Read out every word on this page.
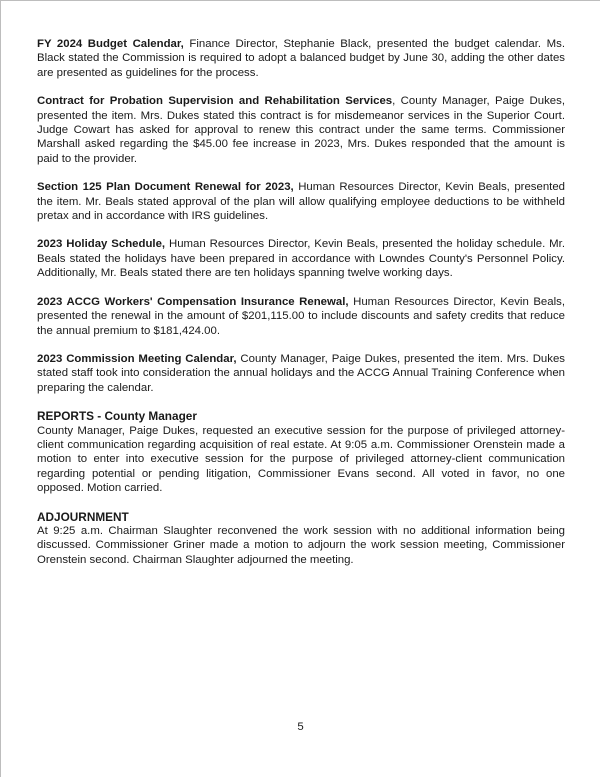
FY 2024 Budget Calendar, Finance Director, Stephanie Black, presented the budget calendar. Ms. Black stated the Commission is required to adopt a balanced budget by June 30, adding the other dates are presented as guidelines for the process.

Contract for Probation Supervision and Rehabilitation Services, County Manager, Paige Dukes, presented the item. Mrs. Dukes stated this contract is for misdemeanor services in the Superior Court. Judge Cowart has asked for approval to renew this contract under the same terms. Commissioner Marshall asked regarding the $45.00 fee increase in 2023, Mrs. Dukes responded that the amount is paid to the provider.

Section 125 Plan Document Renewal for 2023, Human Resources Director, Kevin Beals, presented the item. Mr. Beals stated approval of the plan will allow qualifying employee deductions to be withheld pretax and in accordance with IRS guidelines.

2023 Holiday Schedule, Human Resources Director, Kevin Beals, presented the holiday schedule. Mr. Beals stated the holidays have been prepared in accordance with Lowndes County's Personnel Policy. Additionally, Mr. Beals stated there are ten holidays spanning twelve working days.

2023 ACCG Workers' Compensation Insurance Renewal, Human Resources Director, Kevin Beals, presented the renewal in the amount of $201,115.00 to include discounts and safety credits that reduce the annual premium to $181,424.00.

2023 Commission Meeting Calendar, County Manager, Paige Dukes, presented the item. Mrs. Dukes stated staff took into consideration the annual holidays and the ACCG Annual Training Conference when preparing the calendar.

REPORTS - County Manager

County Manager, Paige Dukes, requested an executive session for the purpose of privileged attorney-client communication regarding acquisition of real estate. At 9:05 a.m. Commissioner Orenstein made a motion to enter into executive session for the purpose of privileged attorney-client communication regarding potential or pending litigation, Commissioner Evans second. All voted in favor, no one opposed. Motion carried.

ADJOURNMENT

At 9:25 a.m. Chairman Slaughter reconvened the work session with no additional information being discussed. Commissioner Griner made a motion to adjourn the work session meeting, Commissioner Orenstein second. Chairman Slaughter adjourned the meeting.

5
